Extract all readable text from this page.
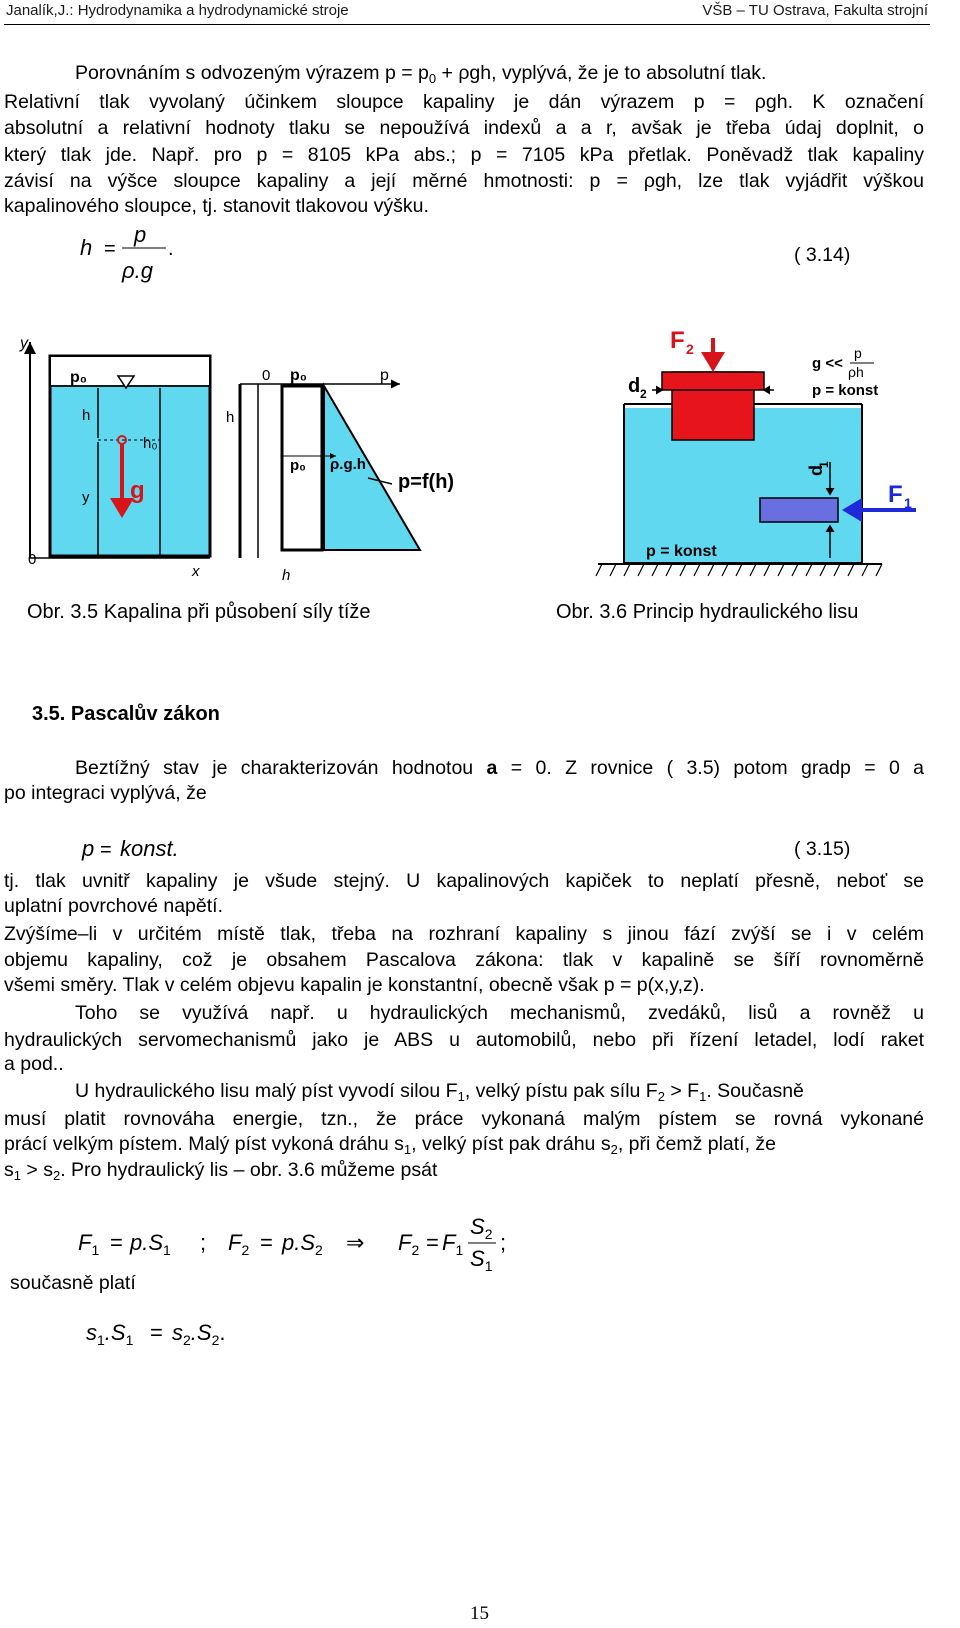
Janalík,J.: Hydrodynamika a hydrodynamické stroje	VŠB – TU Ostrava, Fakulta strojní
Porovnáním s odvozeným výrazem $p = p_0 + \rho gh$, vyplývá, že je to absolutní tlak.
Relativní tlak vyvolaný účinkem sloupce kapaliny je dán výrazem p = ρgh. K označení
absolutní a relativní hodnoty tlaku se nepoužívá indexů a a r, avšak je třeba údaj doplnit, o
který tlak jde. Např. pro p = 8105 kPa abs.; p = 7105 kPa přetlak. Poněvadž tlak kapaliny
závisí na výšce sloupce kapaliny a její měrné hmotnosti: p = ρgh, lze tlak vyjádřit výškou
kapalinového sloupce, tj. stanovit tlakovou výšku.
h =
p
ρ.g
.	( 3.14)
y
0
p₀
h
y
h₀
g
x
0 p₀	p
h
p₀ ρ.g.h
p=f(h)
h
Obr. 3.5 Kapalina při působení síly tíže
F 2
d 2
g <<
p
ρh
p = konst
d
1
F 1
p = konst
Obr. 3.6 Princip hydraulického lisu
3.5. Pascalův zákon
Beztížný stav je charakterizován hodnotou a = 0. Z rovnice ( 3.5) potom gradp = 0 a
po integraci vyplývá, že
p = konst.	( 3.15)
tj. tlak uvnitř kapaliny je všude stejný. U kapalinových kapiček to neplatí přesně, neboť se
uplatní povrchové napětí.
Zvýšíme–li v určitém místě tlak, třeba na rozhraní kapaliny s jinou fází zvýší se i v celém
objemu kapaliny, což je obsahem Pascalova zákona: tlak v kapalině se šíří rovnoměrně
všemi směry. Tlak v celém objevu kapalin je konstantní, obecně však p = p(x,y,z).
Toho se využívá např. u hydraulických mechanismů, zvedáků, lisů a rovněž u
hydraulických servomechanismů jako je ABS u automobilů, nebo při řízení letadel, lodí raket
a pod..
U hydraulického lisu malý píst vyvodí silou $F_1$, velký pístu pak sílu $F_2 > F_1$. Současně
musí platit rovnováha energie, tzn., že práce vykonaná malým pístem se rovná vykonané
prácí velkým pístem. Malý píst vykoná dráhu $s_1$, velký píst pak dráhu $s_2$, při čemž platí, že
$s_1 > s_2$. Pro hydraulický lis – obr. 3.6 můžeme psát
$F_1 = p.S_1$ ; $F_2 = p.S_2$ ⇒ $F_2 = F_1$
$S_2$
$S_1$
;
současně platí
$s_1.S_1 = s_2.S_2$.
15
